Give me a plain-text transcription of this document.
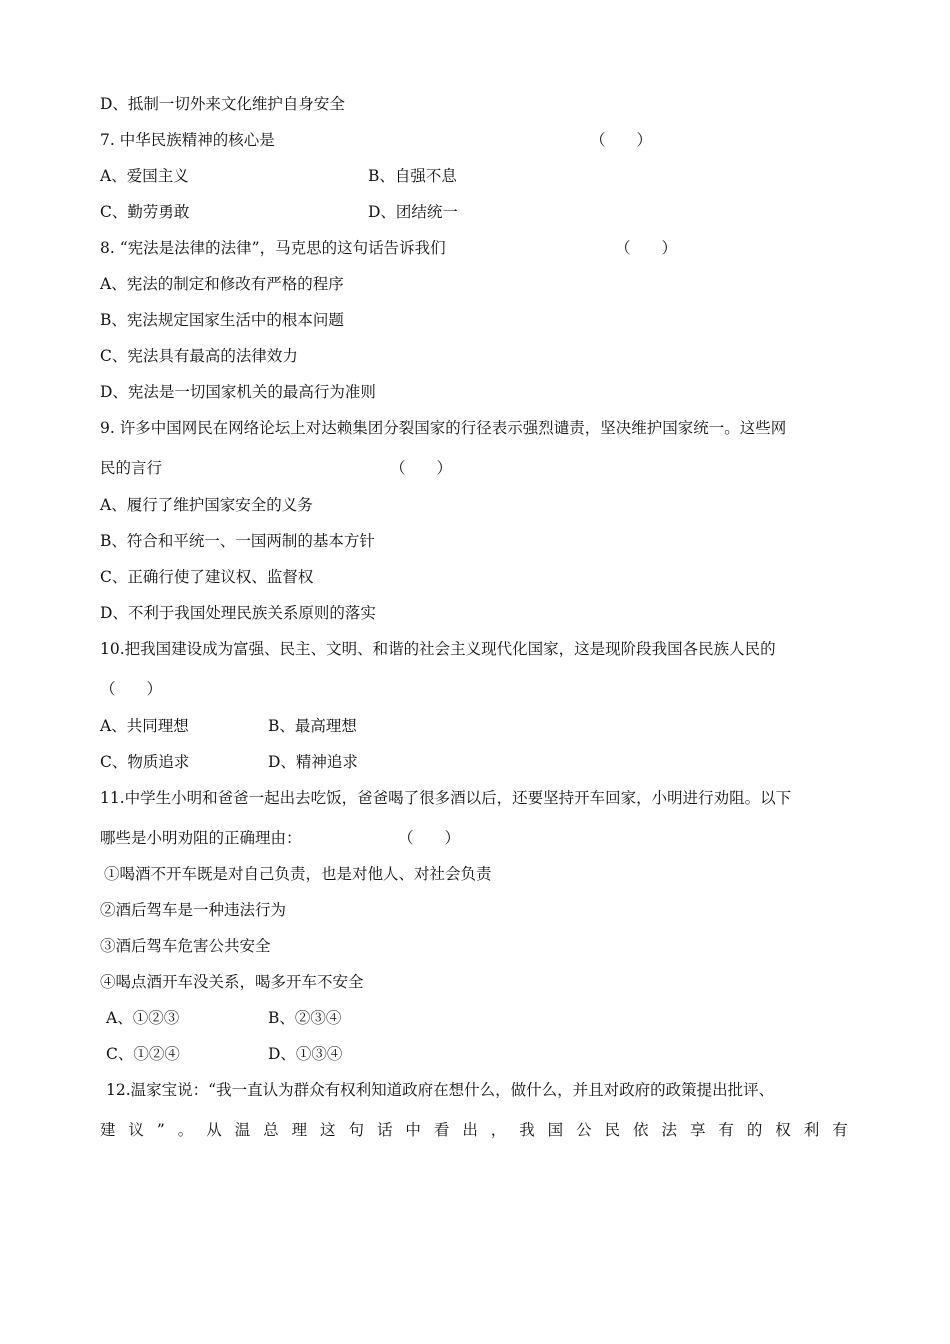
D、抵制一切外来文化维护自身安全
7. 中华民族精神的核心是	（　　）
A、爱国主义	B、自强不息
C、勤劳勇敢	D、团结统一
8. “宪法是法律的法律”，马克思的这句话告诉我们	（　　）
A、宪法的制定和修改有严格的程序
B、宪法规定国家生活中的根本问题
C、宪法具有最高的法律效力
D、宪法是一切国家机关的最高行为准则
9. 许多中国网民在网络论坛上对达赖集团分裂国家的行径表示强烈谴责，坚决维护国家统一。这些网
民的言行	（　　）
A、履行了维护国家安全的义务
B、符合和平统一、一国两制的基本方针
C、正确行使了建议权、监督权
D、不利于我国处理民族关系原则的落实
10.把我国建设成为富强、民主、文明、和谐的社会主义现代化国家，这是现阶段我国各民族人民的
（　　）
A、共同理想	B、最高理想
C、物质追求	D、精神追求
11.中学生小明和爸爸一起出去吃饭，爸爸喝了很多酒以后，还要坚持开车回家，小明进行劝阻。以下
哪些是小明劝阻的正确理由：	（　　）
①喝酒不开车既是对自己负责，也是对他人、对社会负责
②酒后驾车是一种违法行为
③酒后驾车危害公共安全
④喝点酒开车没关系，喝多开车不安全
A、①②③	B、②③④
C、①②④	D、①③④
12.温家宝说：“我一直认为群众有权利知道政府在想什么，做什么，并且对政府的政策提出批评、
建 议 ” 。 从 温 总 理 这 句 话 中 看 出 ， 我 国 公 民 依 法 享 有 的 权 利 有
